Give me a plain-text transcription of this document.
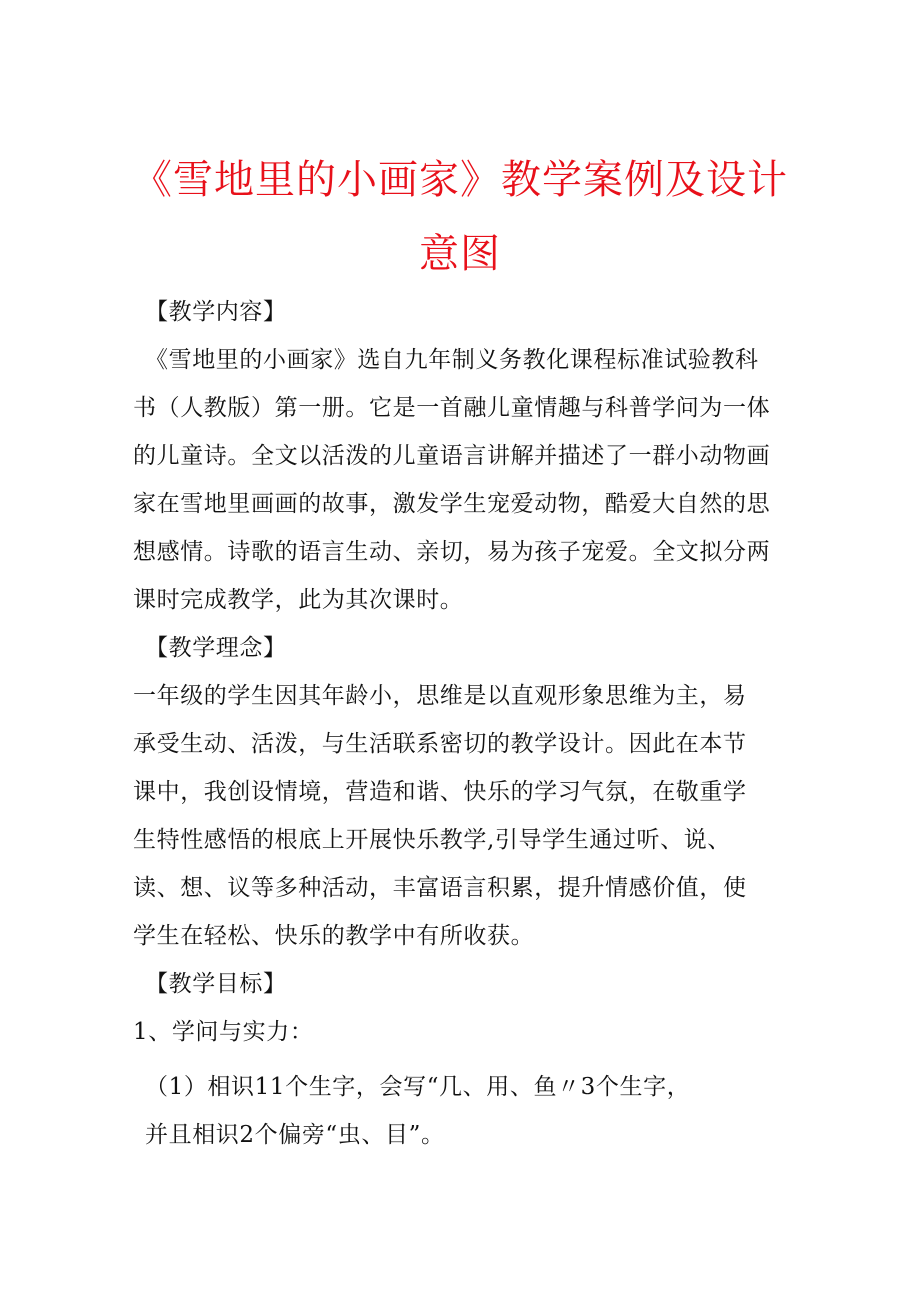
《雪地里的小画家》教学案例及设计
意图
【教学内容】
《雪地里的小画家》选自九年制义务教化课程标准试验教科
书（人教版）第一册。它是一首融儿童情趣与科普学问为一体
的儿童诗。全文以活泼的儿童语言讲解并描述了一群小动物画
家在雪地里画画的故事，激发学生宠爱动物，酷爱大自然的思
想感情。诗歌的语言生动、亲切，易为孩子宠爱。全文拟分两
课时完成教学，此为其次课时。
【教学理念】
一年级的学生因其年龄小，思维是以直观形象思维为主，易
承受生动、活泼，与生活联系密切的教学设计。因此在本节
课中，我创设情境，营造和谐、快乐的学习气氛，在敬重学
生特性感悟的根底上开展快乐教学,引导学生通过听、说、
读、想、议等多种活动，丰富语言积累，提升情感价值，使
学生在轻松、快乐的教学中有所收获。
【教学目标】
1、学问与实力：
（1）相识11个生字，会写“几、用、鱼〃3个生字，
并且相识2个偏旁“虫、目”。
